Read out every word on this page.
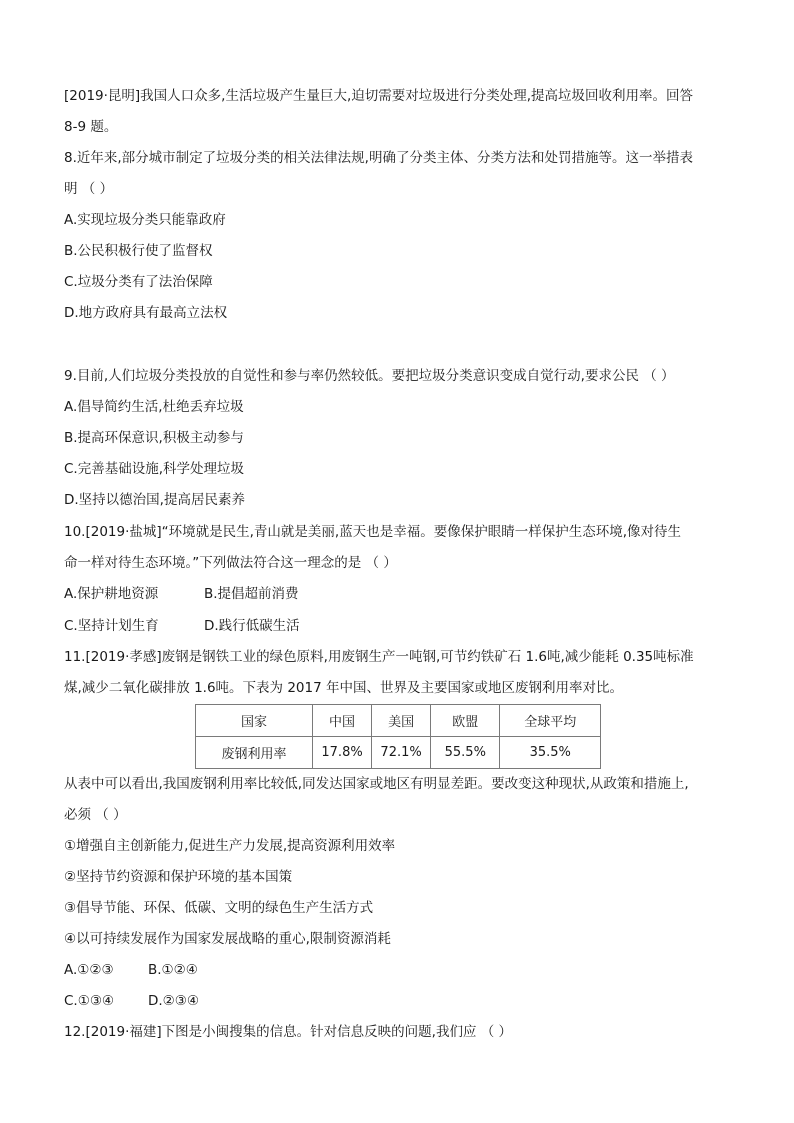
[2019·昆明]我国人口众多,生活垃圾产生量巨大,迫切需要对垃圾进行分类处理,提高垃圾回收利用率。回答
8-9 题。
8.近年来,部分城市制定了垃圾分类的相关法律法规,明确了分类主体、分类方法和处罚措施等。这一举措表
明 （ ）
A.实现垃圾分类只能靠政府
B.公民积极行使了监督权
C.垃圾分类有了法治保障
D.地方政府具有最高立法权
9.目前,人们垃圾分类投放的自觉性和参与率仍然较低。要把垃圾分类意识变成自觉行动,要求公民 （ ）
A.倡导简约生活,杜绝丢弃垃圾
B.提高环保意识,积极主动参与
C.完善基础设施,科学处理垃圾
D.坚持以德治国,提高居民素养
10.[2019·盐城]“环境就是民生,青山就是美丽,蓝天也是幸福。要像保护眼睛一样保护生态环境,像对待生
命一样对待生态环境。”下列做法符合这一理念的是 （ ）
A.保护耕地资源	B.提倡超前消费
C.坚持计划生育	D.践行低碳生活
11.[2019·孝感]废钢是钢铁工业的绿色原料,用废钢生产一吨钢,可节约铁矿石 1.6吨,减少能耗 0.35吨标准
煤,减少二氧化碳排放 1.6吨。下表为 2017 年中国、世界及主要国家或地区废钢利用率对比。
国家	中国	美国	欧盟	全球平均
废钢利用率	17.8%	72.1%	55.5%	35.5%
从表中可以看出,我国废钢利用率比较低,同发达国家或地区有明显差距。要改变这种现状,从政策和措施上,
必须 （ ）
①增强自主创新能力,促进生产力发展,提高资源利用效率
②坚持节约资源和保护环境的基本国策
③倡导节能、环保、低碳、文明的绿色生产生活方式
④以可持续发展作为国家发展战略的重心,限制资源消耗
A.①②③	B.①②④
C.①③④	D.②③④
12.[2019·福建]下图是小闽搜集的信息。针对信息反映的问题,我们应 （ ）
